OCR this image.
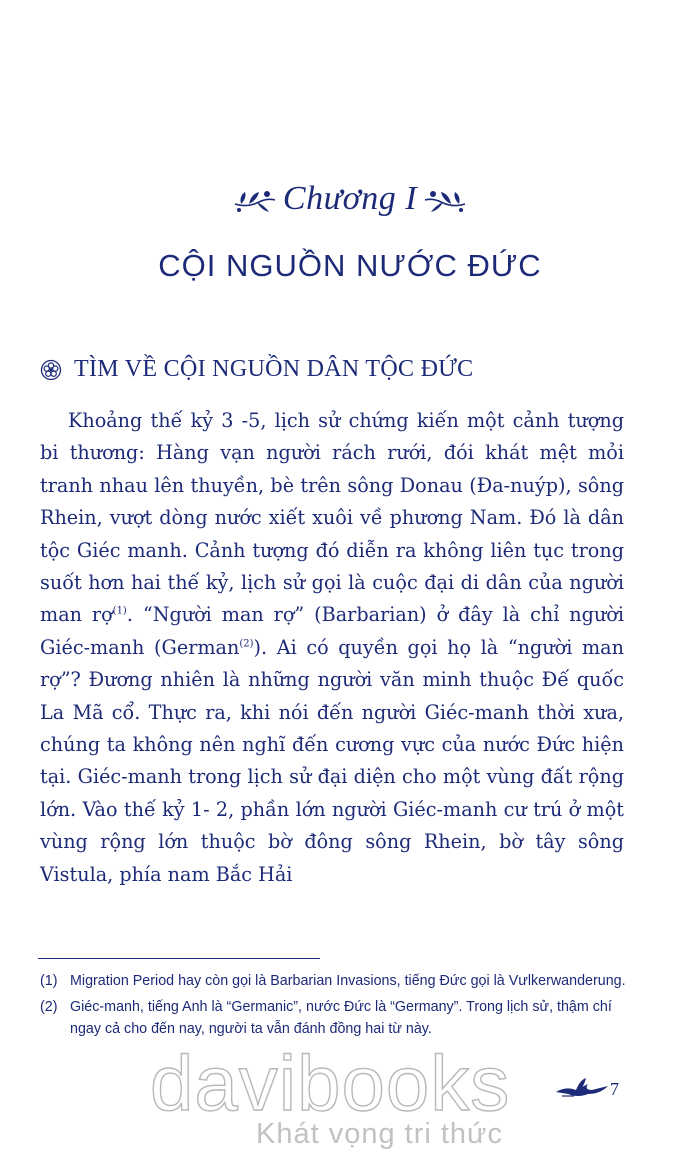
Chương I
CỘI NGUỒN NƯỚC ĐỨC
TÌM VỀ CỘI NGUỒN DÂN TỘC ĐỨC

Khoảng thế kỷ 3 -5, lịch sử chứng kiến một cảnh tượng bi thương: Hàng vạn người rách rưới, đói khát mệt mỏi tranh nhau lên thuyền, bè trên sông Donau (Đa-nuýp), sông Rhein, vượt dòng nước xiết xuôi về phương Nam. Đó là dân tộc Giéc manh. Cảnh tượng đó diễn ra không liên tục trong suốt hơn hai thế kỷ, lịch sử gọi là cuộc đại di dân của người man rợ$^{(1)}$. “Người man rợ” (Barbarian) ở đây là chỉ người Giéc-manh (German$^{(2)}$). Ai có quyền gọi họ là “người man rợ”? Đương nhiên là những người văn minh thuộc Đế quốc La Mã cổ. Thực ra, khi nói đến người Giéc-manh thời xưa, chúng ta không nên nghĩ đến cương vực của nước Đức hiện tại. Giéc-manh trong lịch sử đại diện cho một vùng đất rộng lớn. Vào thế kỷ 1- 2, phần lớn người Giéc-manh cư trú ở một vùng rộng lớn thuộc bờ đông sông Rhein, bờ tây sông Vistula, phía nam Bắc Hải

(1) Migration Period hay còn gọi là Barbarian Invasions, tiếng Đức gọi là Vưlkerwanderung.
(2) Giéc-manh, tiếng Anh là “Germanic”, nước Đức là “Germany”. Trong lịch sử, thậm chí ngay cả cho đến nay, người ta vẫn đánh đồng hai từ này.
davibooks
Khát vọng tri thức
7
